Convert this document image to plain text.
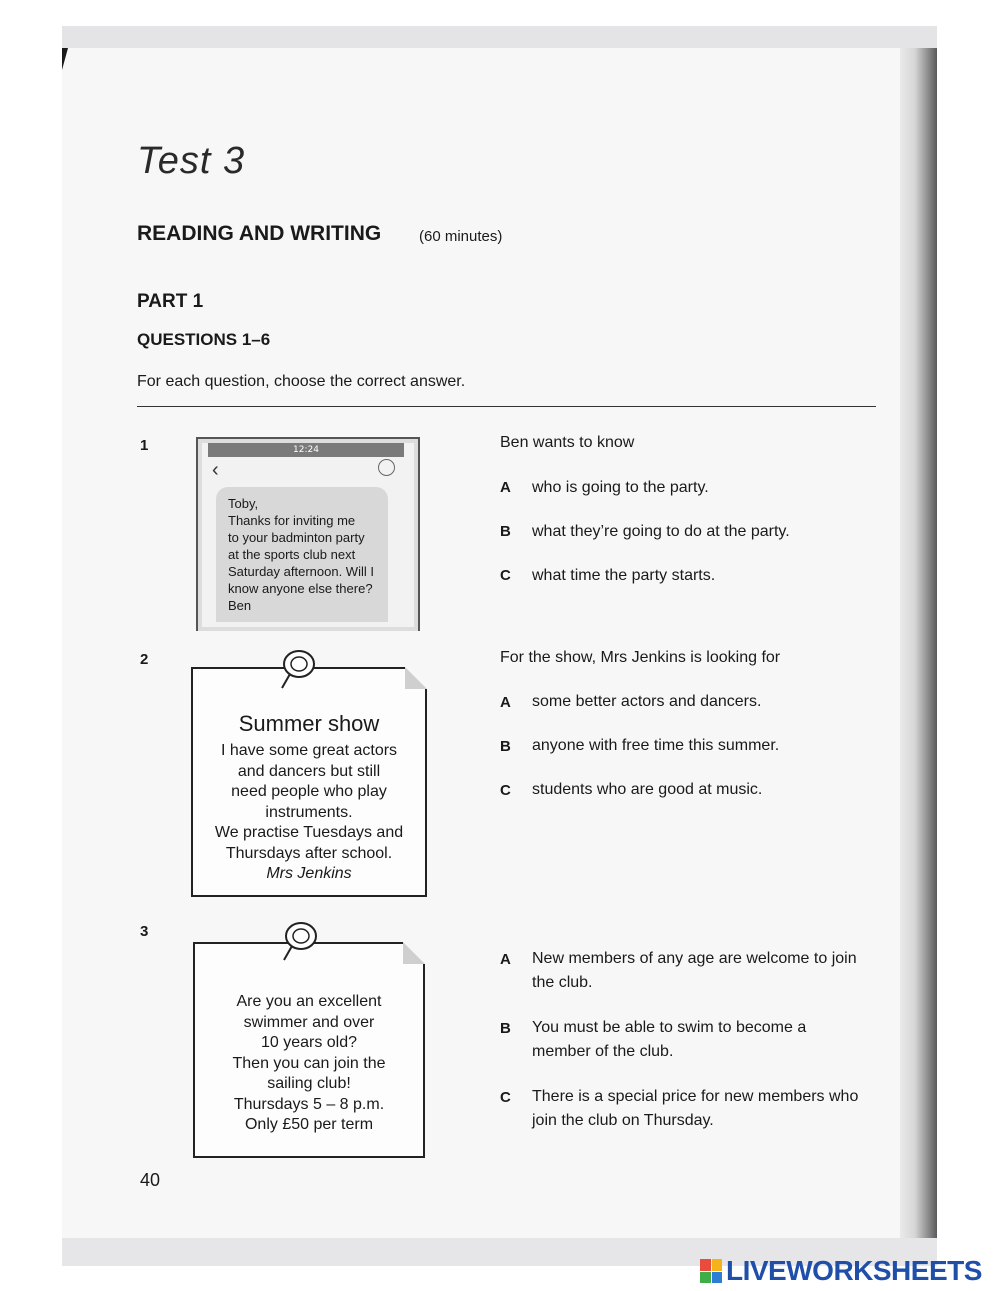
Test 3
READING AND WRITING	(60 minutes)
PART 1
QUESTIONS 1–6
For each question, choose the correct answer.
1	12:24
‹
Toby,
Thanks for inviting me
to your badminton party
at the sports club next
Saturday afternoon. Will I
know anyone else there?
Ben
Ben wants to know
A who is going to the party.
B what they’re going to do at the party.
C what time the party starts.
2
Summer show
I have some great actors
and dancers but still
need people who play
instruments.
We practise Tuesdays and
Thursdays after school.
Mrs Jenkins
For the show, Mrs Jenkins is looking for
A some better actors and dancers.
B anyone with free time this summer.
C students who are good at music.
3
Are you an excellent
swimmer and over
10 years old?
Then you can join the
sailing club!
Thursdays 5 – 8 p.m.
Only £50 per term
A New members of any age are welcome to join the club.
B You must be able to swim to become a member of the club.
C There is a special price for new members who join the club on Thursday.
40
LIVEWORKSHEETS
